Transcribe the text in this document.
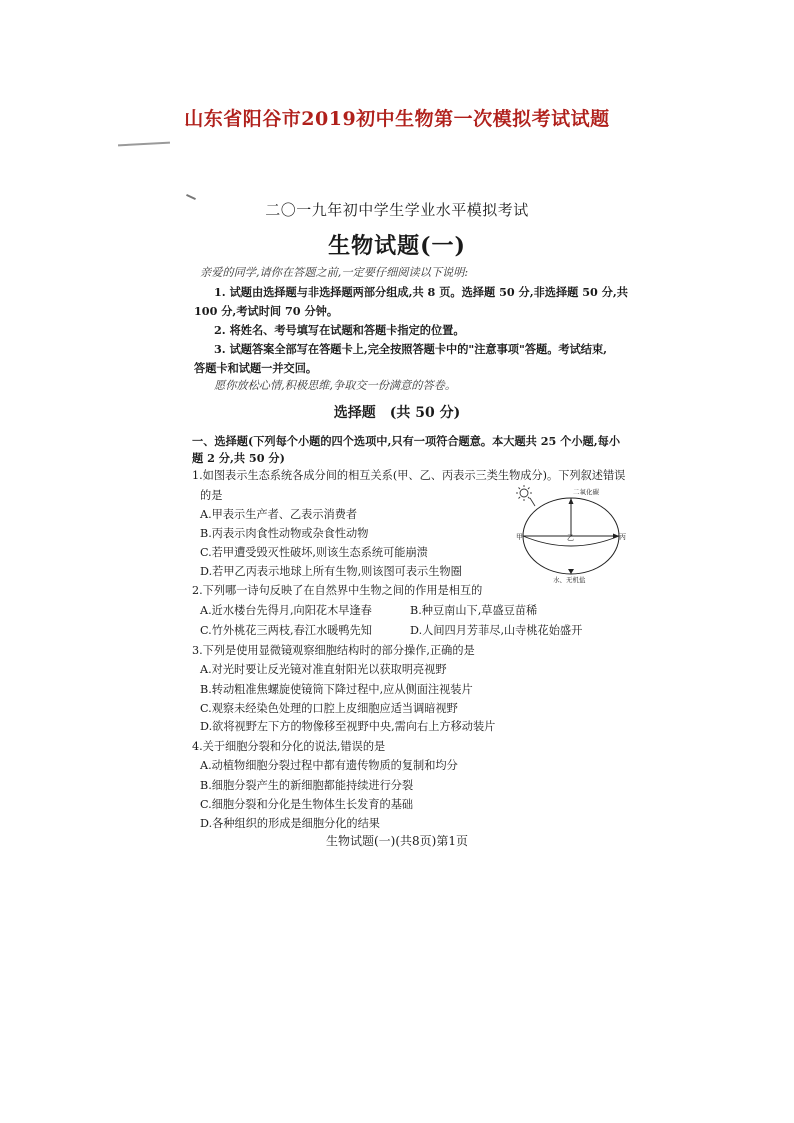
山东省阳谷市2019初中生物第一次模拟考试试题
二〇一九年初中学生学业水平模拟考试
生物试题(一)
亲爱的同学,请你在答题之前,一定要仔细阅读以下说明:
1. 试题由选择题与非选择题两部分组成,共 8 页。选择题 50 分,非选择题 50 分,共
100 分,考试时间 70 分钟。
2. 将姓名、考号填写在试题和答题卡指定的位置。
3. 试题答案全部写在答题卡上,完全按照答题卡中的"注意事项"答题。考试结束,
答题卡和试题一并交回。
愿你放松心情,积极思维,争取交一份满意的答卷。
选择题　(共 50 分)
一、选择题(下列每个小题的四个选项中,只有一项符合题意。本大题共 25 个小题,每小
题 2 分,共 50 分)
1.如图表示生态系统各成分间的相互关系(甲、乙、丙表示三类生物成分)。下列叙述错误
的是
A.甲表示生产者、乙表示消费者
B.丙表示肉食性动物或杂食性动物
C.若甲遭受毁灭性破坏,则该生态系统可能崩溃
D.若甲乙丙表示地球上所有生物,则该图可表示生物圈
二氧化碳
甲	乙	丙
水、无机盐
2.下列哪一诗句反映了在自然界中生物之间的作用是相互的
A.近水楼台先得月,向阳花木早逢春	B.种豆南山下,草盛豆苗稀
C.竹外桃花三两枝,春江水暖鸭先知	D.人间四月芳菲尽,山寺桃花始盛开
3.下列是使用显微镜观察细胞结构时的部分操作,正确的是
A.对光时要让反光镜对准直射阳光以获取明亮视野
B.转动粗准焦螺旋使镜筒下降过程中,应从侧面注视装片
C.观察未经染色处理的口腔上皮细胞应适当调暗视野
D.欲将视野左下方的物像移至视野中央,需向右上方移动装片
4.关于细胞分裂和分化的说法,错误的是
A.动植物细胞分裂过程中都有遗传物质的复制和均分
B.细胞分裂产生的新细胞都能持续进行分裂
C.细胞分裂和分化是生物体生长发育的基础
D.各种组织的形成是细胞分化的结果
生物试题(一)(共8页)第1页
